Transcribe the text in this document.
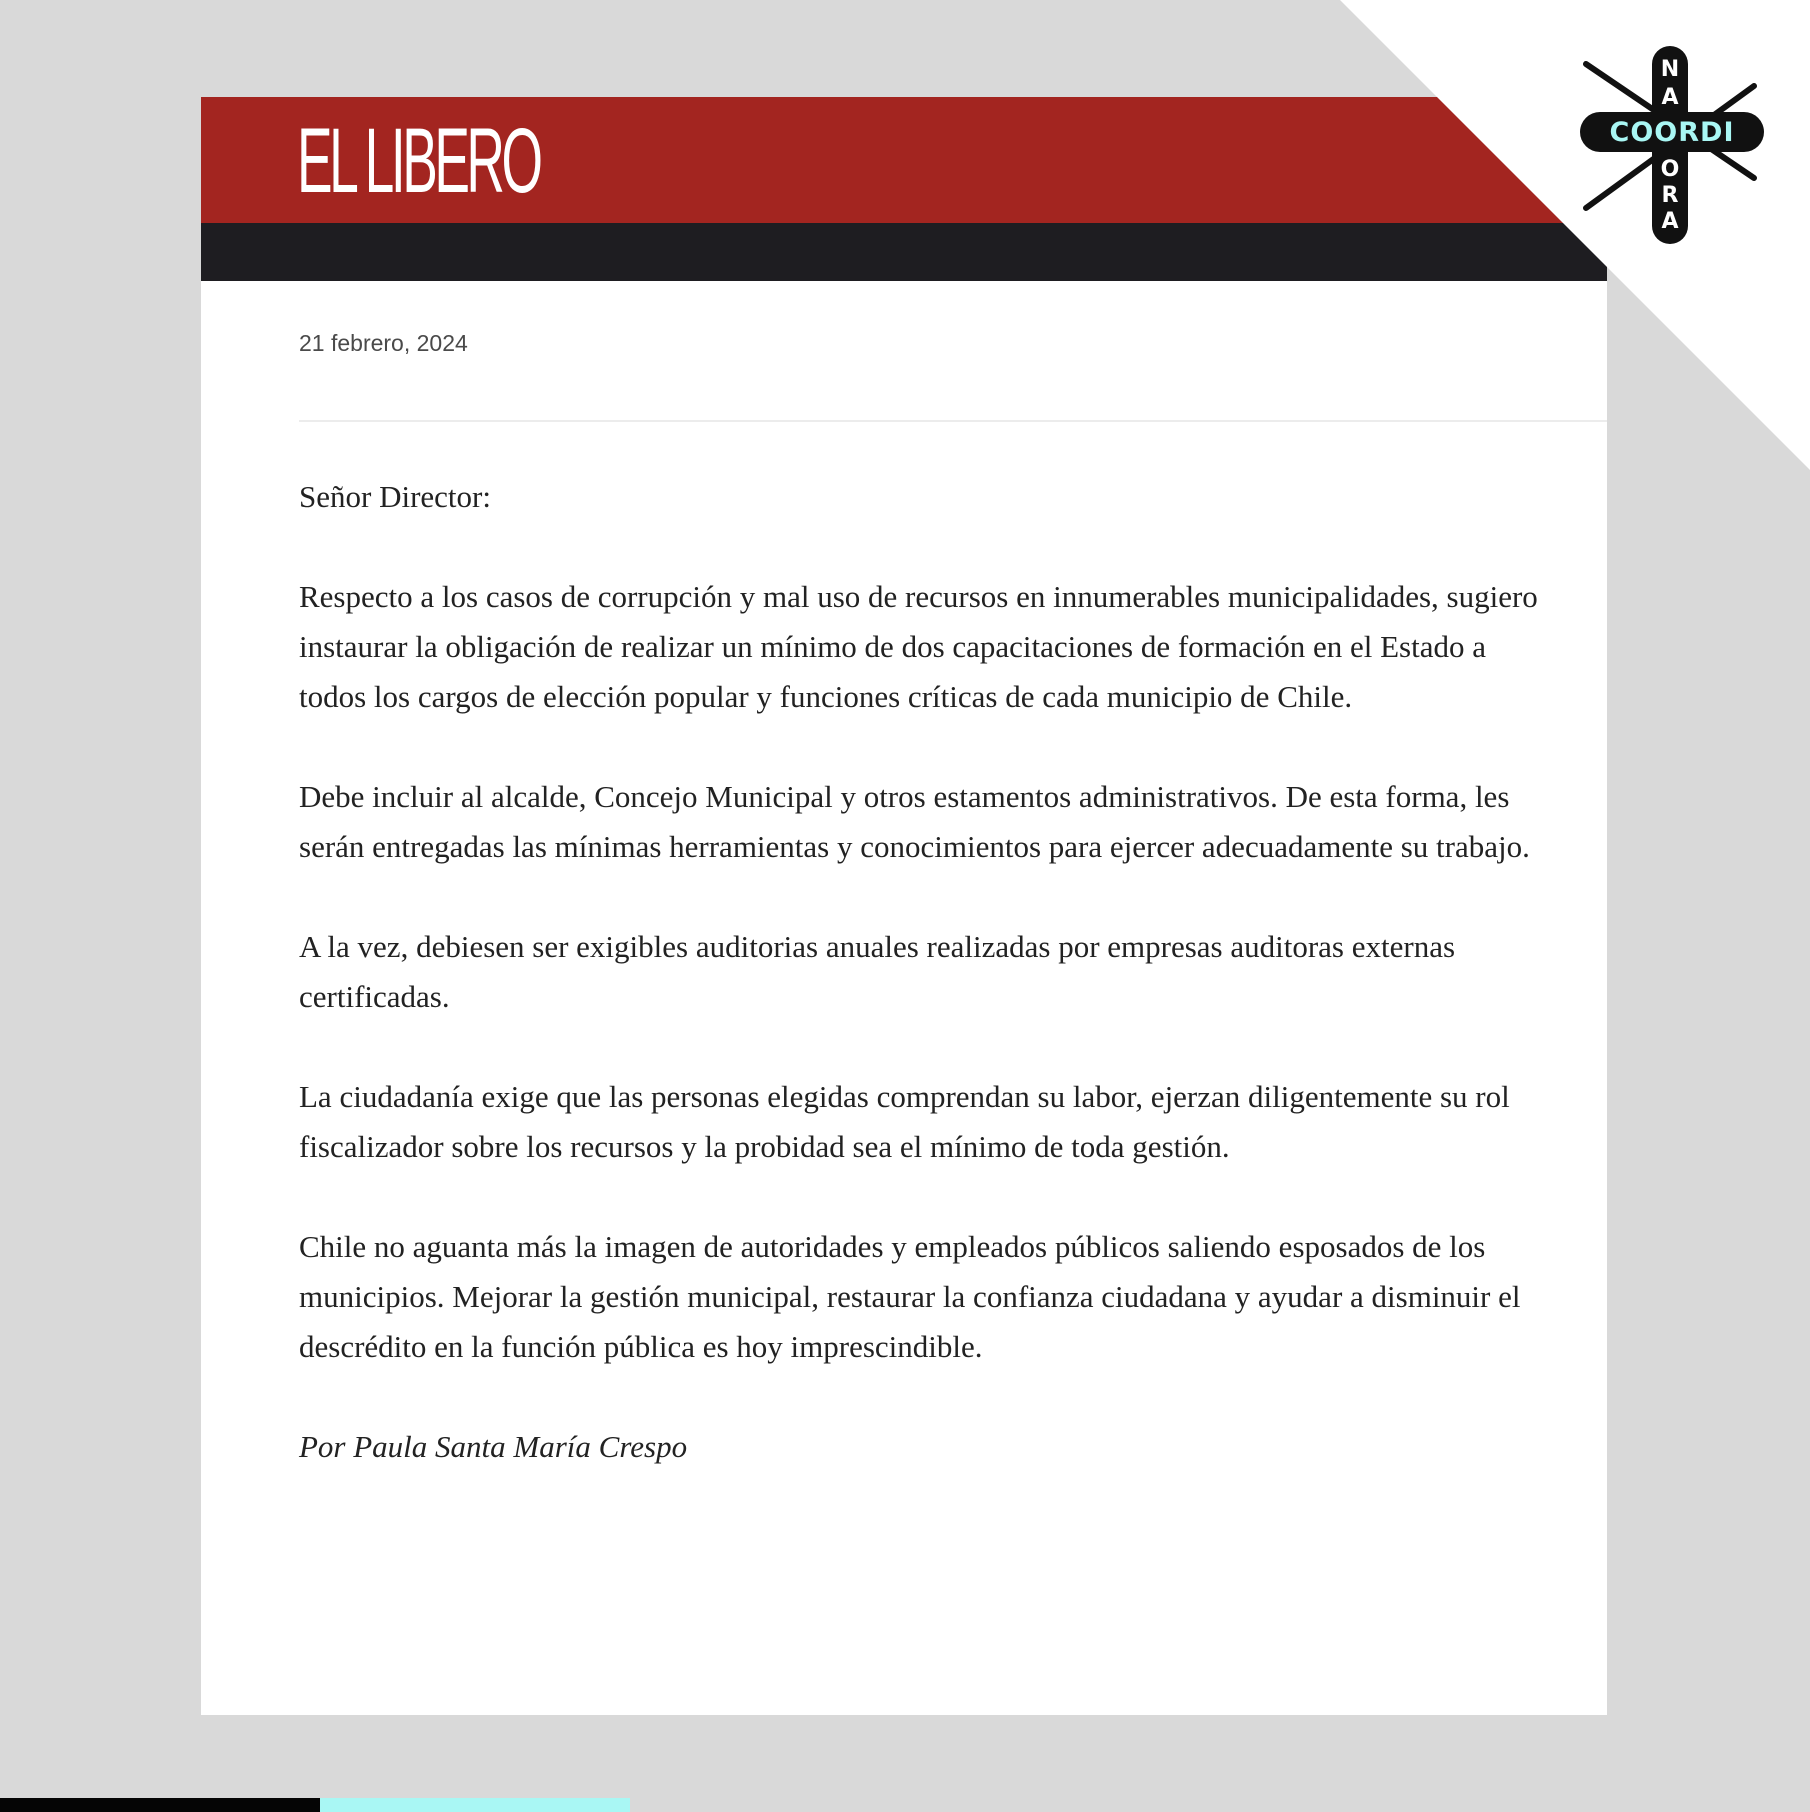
EL LIBERO
21 febrero, 2024

Señor Director:

Respecto a los casos de corrupción y mal uso de recursos en innumerables municipalidades, sugiero instaurar la obligación de realizar un mínimo de dos capacitaciones de formación en el Estado a todos los cargos de elección popular y funciones críticas de cada municipio de Chile.

Debe incluir al alcalde, Concejo Municipal y otros estamentos administrativos. De esta forma, les serán entregadas las mínimas herramientas y conocimientos para ejercer adecuadamente su trabajo.

A la vez, debiesen ser exigibles auditorias anuales realizadas por empresas auditoras externas certificadas.

La ciudadanía exige que las personas elegidas comprendan su labor, ejerzan diligentemente su rol fiscalizador sobre los recursos y la probidad sea el mínimo de toda gestión.

Chile no aguanta más la imagen de autoridades y empleados públicos saliendo esposados de los municipios. Mejorar la gestión municipal, restaurar la confianza ciudadana y ayudar a disminuir el descrédito en la función pública es hoy imprescindible.

Por Paula Santa María Crespo

COORDI
N
A
O
R
A
